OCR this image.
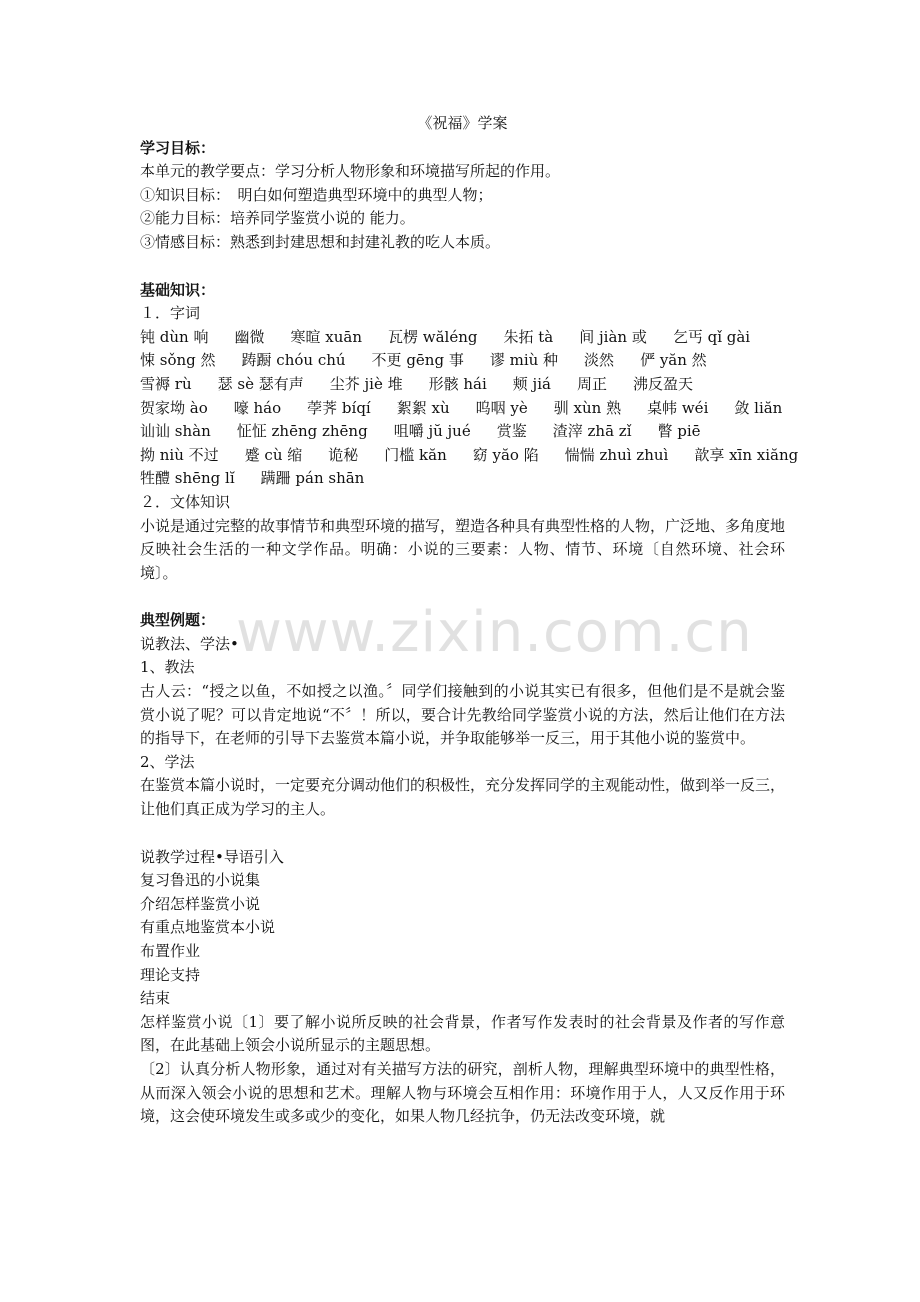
《祝福》学案
学习目标：
本单元的教学要点：学习分析人物形象和环境描写所起的作用。
①知识目标：　明白如何塑造典型环境中的典型人物；
②能力目标：培养同学鉴赏小说的 能力。
③情感目标：熟悉到封建思想和封建礼教的吃人本质。
基础知识：
１．字词
钝 dùn 响 幽微 寒暄 xuān 瓦楞 wăléng 朱拓 tà 间 jiàn 或 乞丐 qǐ gài
悚 sǒng 然 踌蹰 chóu chú 不更 gēng 事 谬 miù 种 淡然 俨 yăn 然
雪褥 rù 瑟 sè 瑟有声 尘芥 jiè 堆 形骸 hái 颊 jiá 周正 沸反盈天
贺家坳 ào 嚎 háo 荸荠 bíqí 絮絮 xù 呜咽 yè 驯 xùn 熟 桌帏 wéi 敛 liăn
讪讪 shàn 怔怔 zhēng zhēng 咀嚼 jŭ jué 赏鉴 渣滓 zhā zǐ 瞥 piē
拗 niù 不过 蹙 cù 缩 诡秘 门槛 kăn 窈 yăo 陷 惴惴 zhuì zhuì 歆享 xīn xiăng
牲醴 shēng lĭ 蹒跚 pán shān
２．文体知识
小说是通过完整的故事情节和典型环境的描写，塑造各种具有典型性格的人物，广泛地、多角度地反映社会生活的一种文学作品。明确：小说的三要素：人物、情节、环境〔自然环境、社会环境〕。
典型例题：
说教法、学法•
1、教法
古人云：“授之以鱼，不如授之以渔。〞同学们接触到的小说其实已有很多，但他们是不是就会鉴赏小说了呢？可以肯定地说“不〞！所以，要合计先教给同学鉴赏小说的方法，然后让他们在方法的指导下，在老师的引导下去鉴赏本篇小说，并争取能够举一反三，用于其他小说的鉴赏中。
2、学法
在鉴赏本篇小说时，一定要充分调动他们的积极性，充分发挥同学的主观能动性，做到举一反三，让他们真正成为学习的主人。
说教学过程•导语引入
复习鲁迅的小说集
介绍怎样鉴赏小说
有重点地鉴赏本小说
布置作业
理论支持
结束
怎样鉴赏小说〔1〕要了解小说所反映的社会背景，作者写作发表时的社会背景及作者的写作意图，在此基础上领会小说所显示的主题思想。
〔2〕认真分析人物形象，通过对有关描写方法的研究，剖析人物，理解典型环境中的典型性格，从而深入领会小说的思想和艺术。理解人物与环境会互相作用：环境作用于人，人又反作用于环境，这会使环境发生或多或少的变化，如果人物几经抗争，仍无法改变环境，就
www.zixin.com.cn
